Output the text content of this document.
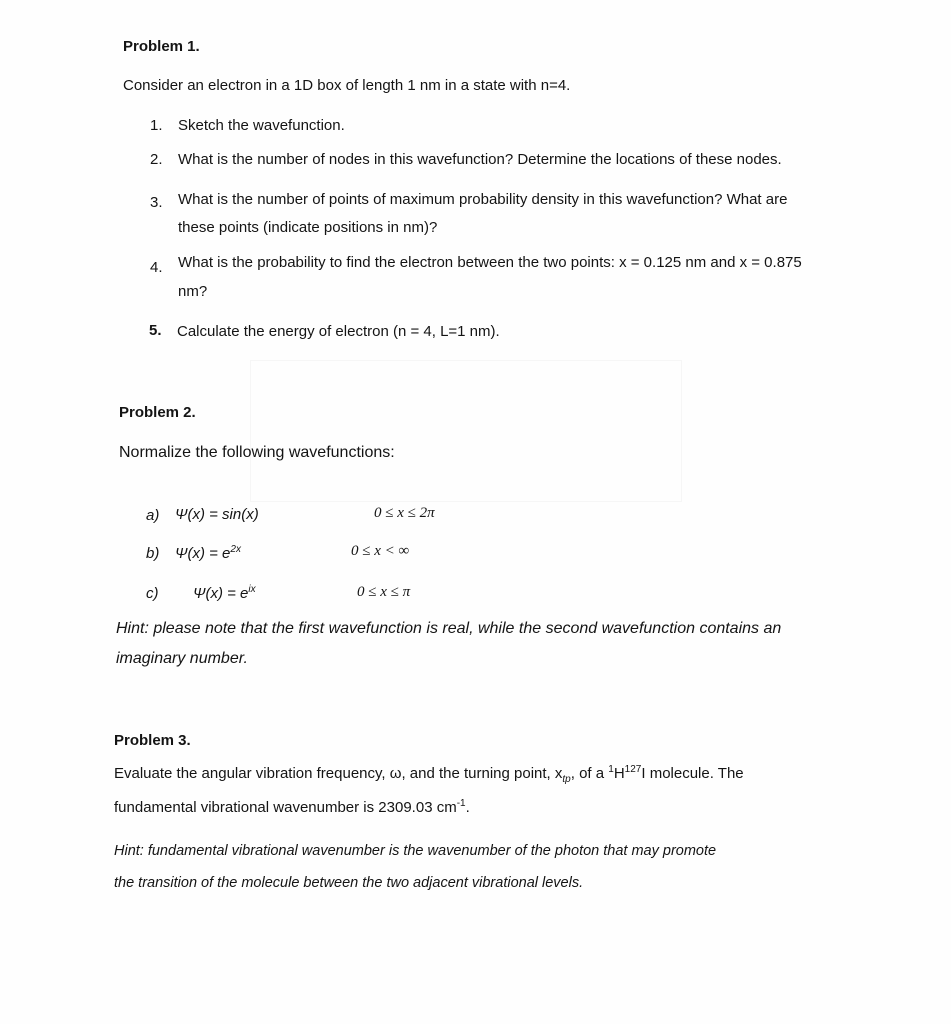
Problem 1.
Consider an electron in a 1D box of length 1 nm in a state with n=4.
1. Sketch the wavefunction.
2. What is the number of nodes in this wavefunction? Determine the locations of these nodes.
3. What is the number of points of maximum probability density in this wavefunction? What are
these points (indicate positions in nm)?
4. What is the probability to find the electron between the two points: x = 0.125 nm and x = 0.875
nm?
5. Calculate the energy of electron (n = 4, L=1 nm).
Problem 2.
Normalize the following wavefunctions:
a) Ψ(x) = sin(x)	0 ≤ x ≤ 2π
b) $\Psi(x) = e^{2x}$	0 ≤ x < ∞
c) $\Psi(x) = e^{ix}$	0 ≤ x ≤ π
Hint: please note that the first wavefunction is real, while the second wavefunction contains an
imaginary number.
Problem 3.
Evaluate the angular vibration frequency, ω, and the turning point, $x_{tp}$, of a $^1H^{127}I$ molecule. The
fundamental vibrational wavenumber is 2309.03 $cm^{-1}$.
Hint: fundamental vibrational wavenumber is the wavenumber of the photon that may promote
the transition of the molecule between the two adjacent vibrational levels.
